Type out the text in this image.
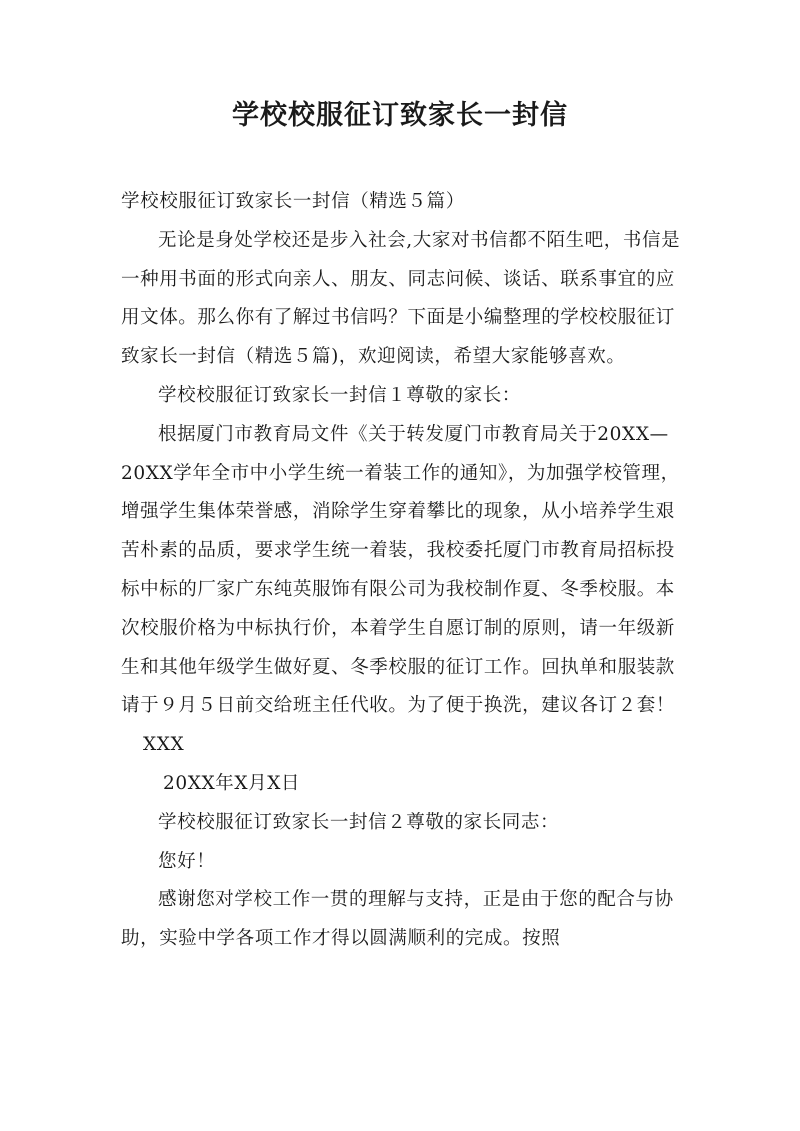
学校校服征订致家长一封信

学校校服征订致家长一封信（精选５篇）

无论是身处学校还是步入社会,大家对书信都不陌生吧，书信是一种用书面的形式向亲人、朋友、同志问候、谈话、联系事宜的应用文体。那么你有了解过书信吗？下面是小编整理的学校校服征订致家长一封信（精选５篇)，欢迎阅读，希望大家能够喜欢。

学校校服征订致家长一封信１尊敬的家长：

根据厦门市教育局文件《关于转发厦门市教育局关于20XX—20XX学年全市中小学生统一着装工作的通知》，为加强学校管理，增强学生集体荣誉感，消除学生穿着攀比的现象，从小培养学生艰苦朴素的品质，要求学生统一着装，我校委托厦门市教育局招标投标中标的厂家广东纯英服饰有限公司为我校制作夏、冬季校服。本次校服价格为中标执行价，本着学生自愿订制的原则，请一年级新生和其他年级学生做好夏、冬季校服的征订工作。回执单和服装款请于９月５日前交给班主任代收。为了便于换洗，建议各订２套！

XXX

20XX年X月X日

学校校服征订致家长一封信２尊敬的家长同志：

您好！

感谢您对学校工作一贯的理解与支持，正是由于您的配合与协助，实验中学各项工作才得以圆满顺利的完成。按照
